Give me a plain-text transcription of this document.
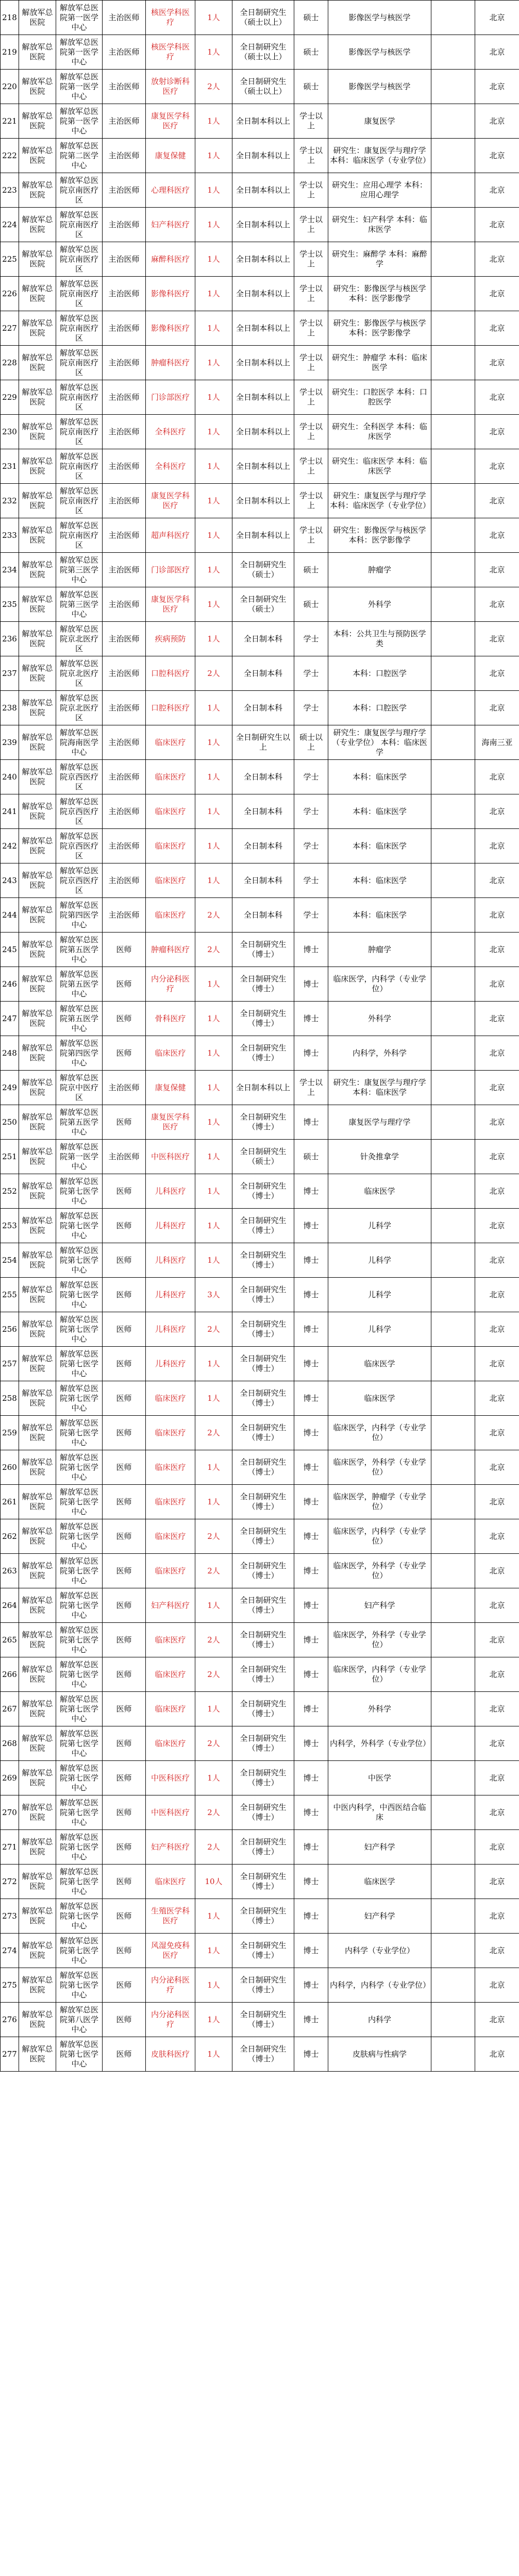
218	解放军总医院	解放军总医院第一医学中心	主治医师	核医学科医疗	1人	全日制研究生（硕士以上）	硕士	影像医学与核医学		北京
219	解放军总医院	解放军总医院第一医学中心	主治医师	核医学科医疗	1人	全日制研究生（硕士以上）	硕士	影像医学与核医学		北京
220	解放军总医院	解放军总医院第一医学中心	主治医师	放射诊断科医疗	2人	全日制研究生（硕士以上）	硕士	影像医学与核医学		北京
221	解放军总医院	解放军总医院第一医学中心	主治医师	康复医学科医疗	1人	全日制本科以上	学士以上	康复医学		北京
222	解放军总医院	解放军总医院第二医学中心	主治医师	康复保健	1人	全日制本科以上	学士以上	研究生：康复医学与理疗学 本科：临床医学（专业学位）		北京
223	解放军总医院	解放军总医院京南医疗区	主治医师	心理科医疗	1人	全日制本科以上	学士以上	研究生：应用心理学 本科：应用心理学		北京
224	解放军总医院	解放军总医院京南医疗区	主治医师	妇产科医疗	1人	全日制本科以上	学士以上	研究生：妇产科学 本科：临床医学		北京
225	解放军总医院	解放军总医院京南医疗区	主治医师	麻醉科医疗	1人	全日制本科以上	学士以上	研究生：麻醉学 本科：麻醉学		北京
226	解放军总医院	解放军总医院京南医疗区	主治医师	影像科医疗	1人	全日制本科以上	学士以上	研究生：影像医学与核医学 本科：医学影像学		北京
227	解放军总医院	解放军总医院京南医疗区	主治医师	影像科医疗	1人	全日制本科以上	学士以上	研究生：影像医学与核医学 本科：医学影像学		北京
228	解放军总医院	解放军总医院京南医疗区	主治医师	肿瘤科医疗	1人	全日制本科以上	学士以上	研究生：肿瘤学 本科：临床医学		北京
229	解放军总医院	解放军总医院京南医疗区	主治医师	门诊部医疗	1人	全日制本科以上	学士以上	研究生：口腔医学 本科：口腔医学		北京
230	解放军总医院	解放军总医院京南医疗区	主治医师	全科医疗	1人	全日制本科以上	学士以上	研究生：全科医学 本科：临床医学		北京
231	解放军总医院	解放军总医院京南医疗区	主治医师	全科医疗	1人	全日制本科以上	学士以上	研究生：临床医学 本科：临床医学		北京
232	解放军总医院	解放军总医院京南医疗区	主治医师	康复医学科医疗	1人	全日制本科以上	学士以上	研究生：康复医学与理疗学 本科：临床医学（专业学位）		北京
233	解放军总医院	解放军总医院京南医疗区	主治医师	超声科医疗	1人	全日制本科以上	学士以上	研究生：影像医学与核医学 本科：医学影像学		北京
234	解放军总医院	解放军总医院第三医学中心	主治医师	门诊部医疗	1人	全日制研究生（硕士）	硕士	肿瘤学		北京
235	解放军总医院	解放军总医院第三医学中心	主治医师	康复医学科医疗	1人	全日制研究生（硕士）	硕士	外科学		北京
236	解放军总医院	解放军总医院京北医疗区	主治医师	疾病预防	1人	全日制本科	学士	本科：公共卫生与预防医学类		北京
237	解放军总医院	解放军总医院京北医疗区	主治医师	口腔科医疗	2人	全日制本科	学士	本科：口腔医学		北京
238	解放军总医院	解放军总医院京北医疗区	主治医师	口腔科医疗	1人	全日制本科	学士	本科：口腔医学		北京
239	解放军总医院	解放军总医院海南医学中心	主治医师	临床医疗	1人	全日制研究生以上	硕士以上	研究生：康复医学与理疗学（专业学位） 本科：临床医学		海南三亚
240	解放军总医院	解放军总医院京西医疗区	主治医师	临床医疗	1人	全日制本科	学士	本科：临床医学		北京
241	解放军总医院	解放军总医院京西医疗区	主治医师	临床医疗	1人	全日制本科	学士	本科：临床医学		北京
242	解放军总医院	解放军总医院京西医疗区	主治医师	临床医疗	1人	全日制本科	学士	本科：临床医学		北京
243	解放军总医院	解放军总医院京西医疗区	主治医师	临床医疗	1人	全日制本科	学士	本科：临床医学		北京
244	解放军总医院	解放军总医院第四医学中心	主治医师	临床医疗	2人	全日制本科	学士	本科：临床医学		北京
245	解放军总医院	解放军总医院第五医学中心	医师	肿瘤科医疗	2人	全日制研究生（博士）	博士	肿瘤学		北京
246	解放军总医院	解放军总医院第五医学中心	医师	内分泌科医疗	1人	全日制研究生（博士）	博士	临床医学，内科学（专业学位）		北京
247	解放军总医院	解放军总医院第五医学中心	医师	骨科医疗	1人	全日制研究生（博士）	博士	外科学		北京
248	解放军总医院	解放军总医院第四医学中心	医师	临床医疗	1人	全日制研究生（博士）	博士	内科学，外科学		北京
249	解放军总医院	解放军总医院京中医疗区	主治医师	康复保健	1人	全日制本科以上	学士以上	研究生：康复医学与理疗学 本科：临床医学		北京
250	解放军总医院	解放军总医院第五医学中心	医师	康复医学科医疗	1人	全日制研究生（博士）	博士	康复医学与理疗学		北京
251	解放军总医院	解放军总医院第一医学中心	主治医师	中医科医疗	1人	全日制研究生（硕士）	硕士	针灸推拿学		北京
252	解放军总医院	解放军总医院第七医学中心	医师	儿科医疗	1人	全日制研究生（博士）	博士	临床医学		北京
253	解放军总医院	解放军总医院第七医学中心	医师	儿科医疗	1人	全日制研究生（博士）	博士	儿科学		北京
254	解放军总医院	解放军总医院第七医学中心	医师	儿科医疗	1人	全日制研究生（博士）	博士	儿科学		北京
255	解放军总医院	解放军总医院第七医学中心	医师	儿科医疗	3人	全日制研究生（博士）	博士	儿科学		北京
256	解放军总医院	解放军总医院第七医学中心	医师	儿科医疗	2人	全日制研究生（博士）	博士	儿科学		北京
257	解放军总医院	解放军总医院第七医学中心	医师	儿科医疗	1人	全日制研究生（博士）	博士	临床医学		北京
258	解放军总医院	解放军总医院第七医学中心	医师	临床医疗	1人	全日制研究生（博士）	博士	临床医学		北京
259	解放军总医院	解放军总医院第七医学中心	医师	临床医疗	2人	全日制研究生（博士）	博士	临床医学，内科学（专业学位）		北京
260	解放军总医院	解放军总医院第七医学中心	医师	临床医疗	1人	全日制研究生（博士）	博士	临床医学，外科学（专业学位）		北京
261	解放军总医院	解放军总医院第七医学中心	医师	临床医疗	1人	全日制研究生（博士）	博士	临床医学，肿瘤学（专业学位）		北京
262	解放军总医院	解放军总医院第七医学中心	医师	临床医疗	2人	全日制研究生（博士）	博士	临床医学，内科学（专业学位）		北京
263	解放军总医院	解放军总医院第七医学中心	医师	临床医疗	2人	全日制研究生（博士）	博士	临床医学，外科学（专业学位）		北京
264	解放军总医院	解放军总医院第七医学中心	医师	妇产科医疗	1人	全日制研究生（博士）	博士	妇产科学		北京
265	解放军总医院	解放军总医院第七医学中心	医师	临床医疗	2人	全日制研究生（博士）	博士	临床医学，外科学（专业学位）		北京
266	解放军总医院	解放军总医院第七医学中心	医师	临床医疗	2人	全日制研究生（博士）	博士	临床医学，内科学（专业学位）		北京
267	解放军总医院	解放军总医院第七医学中心	医师	临床医疗	1人	全日制研究生（博士）	博士	外科学		北京
268	解放军总医院	解放军总医院第七医学中心	医师	临床医疗	2人	全日制研究生（博士）	博士	内科学，外科学（专业学位）		北京
269	解放军总医院	解放军总医院第七医学中心	医师	中医科医疗	1人	全日制研究生（博士）	博士	中医学		北京
270	解放军总医院	解放军总医院第七医学中心	医师	中医科医疗	2人	全日制研究生（博士）	博士	中医内科学，中西医结合临床		北京
271	解放军总医院	解放军总医院第七医学中心	医师	妇产科医疗	2人	全日制研究生（博士）	博士	妇产科学		北京
272	解放军总医院	解放军总医院第七医学中心	医师	临床医疗	10人	全日制研究生（博士）	博士	临床医学		北京
273	解放军总医院	解放军总医院第七医学中心	医师	生殖医学科医疗	1人	全日制研究生（博士）	博士	妇产科学		北京
274	解放军总医院	解放军总医院第七医学中心	医师	风湿免疫科医疗	1人	全日制研究生（博士）	博士	内科学（专业学位）		北京
275	解放军总医院	解放军总医院第七医学中心	医师	内分泌科医疗	1人	全日制研究生（博士）	博士	内科学，内科学（专业学位）		北京
276	解放军总医院	解放军总医院第八医学中心	医师	内分泌科医疗	1人	全日制研究生（博士）	博士	内科学		北京
277	解放军总医院	解放军总医院第七医学中心	医师	皮肤科医疗	1人	全日制研究生（博士）	博士	皮肤病与性病学		北京
